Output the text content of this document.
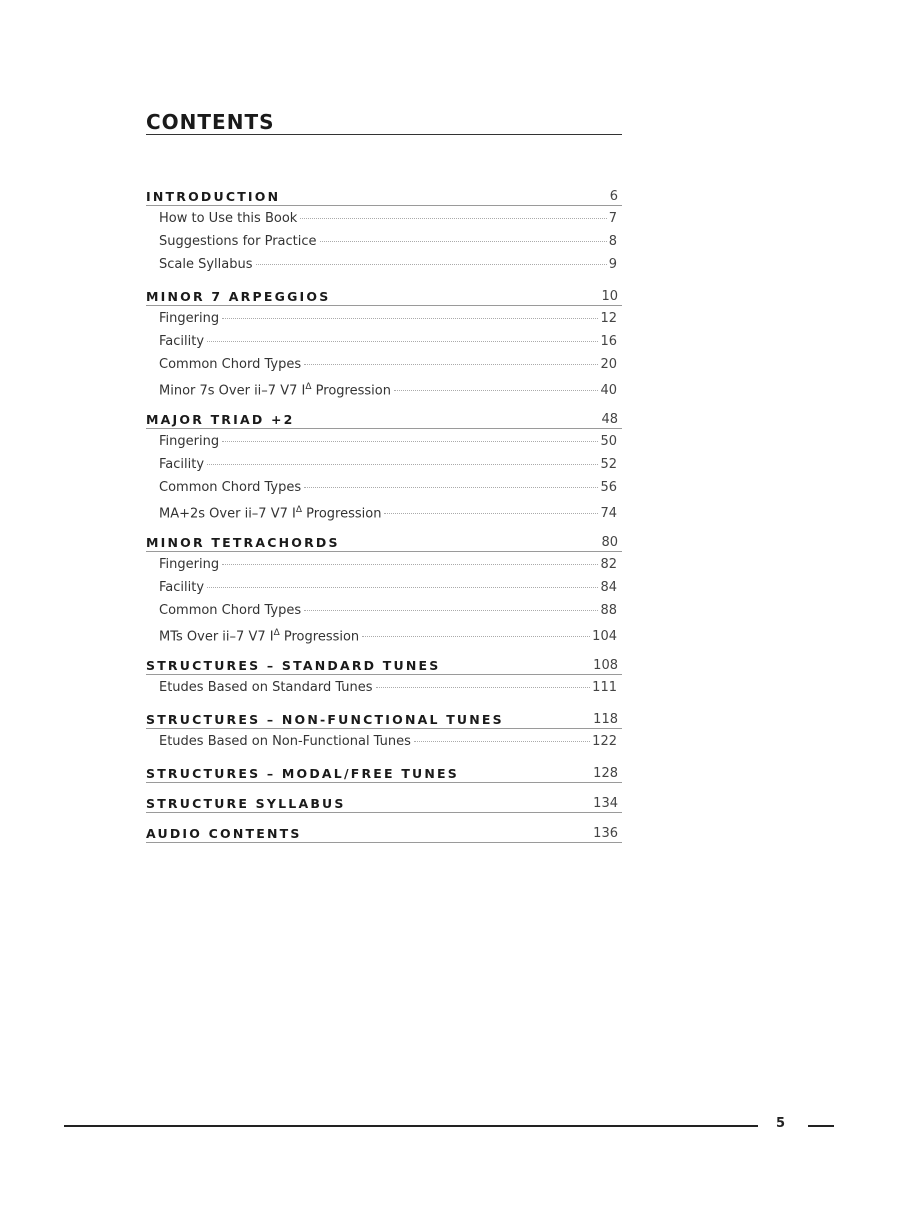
CONTENTS
INTRODUCTION	6
How to Use this Book	7
Suggestions for Practice	8
Scale Syllabus	9
MINOR 7 ARPEGGIOS	10
Fingering	12
Facility	16
Common Chord Types	20
Minor 7s Over ii–7 V7 $I^\Delta$ Progression	40
MAJOR TRIAD +2	48
Fingering	50
Facility	52
Common Chord Types	56
MA+2s Over ii–7 V7 $I^\Delta$ Progression	74
MINOR TETRACHORDS	80
Fingering	82
Facility	84
Common Chord Types	88
MTs Over ii–7 V7 $I^\Delta$ Progression	104
STRUCTURES – STANDARD TUNES	108
Etudes Based on Standard Tunes	111
STRUCTURES – NON-FUNCTIONAL TUNES	118
Etudes Based on Non-Functional Tunes	122
STRUCTURES – MODAL/FREE TUNES	128
STRUCTURE SYLLABUS	134
AUDIO CONTENTS	136
5
